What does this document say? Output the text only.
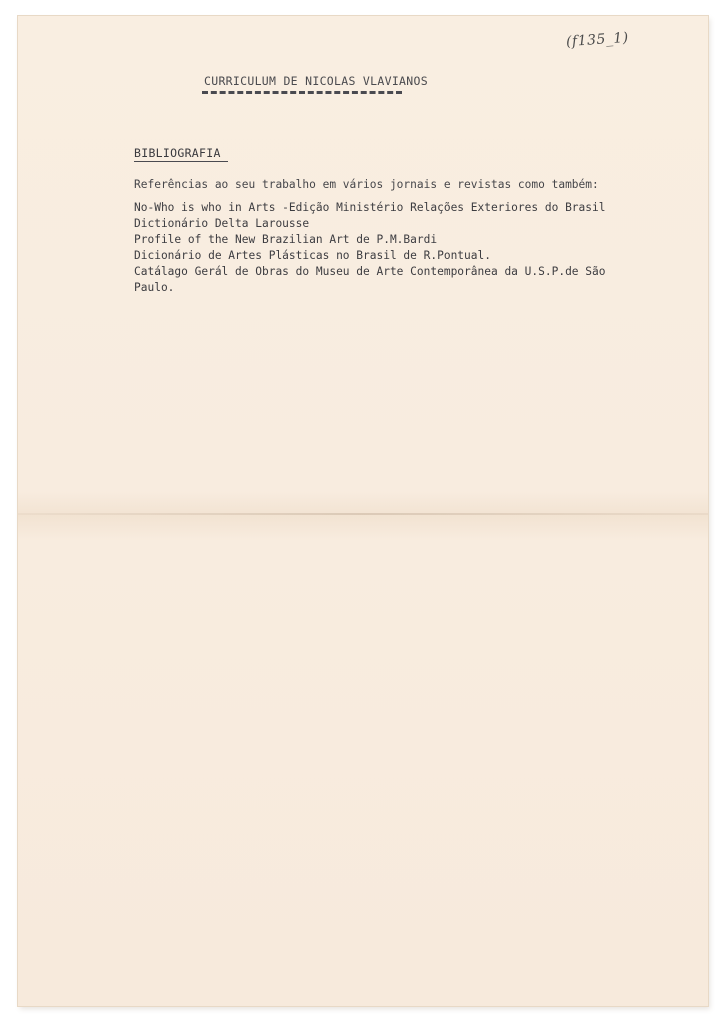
(f135_1)
CURRICULUM DE NICOLAS VLAVIANOS
BIBLIOGRAFIA
Referências ao seu trabalho em vários jornais e revistas como também:
No-Who is who in Arts -Edição Ministério Relações Exteriores do Brasil
Dictionário Delta Larousse
Profile of the New Brazilian Art de P.M.Bardi
Dicionário de Artes Plásticas no Brasil de R.Pontual.
Catálago Gerál de Obras do Museu de Arte Contemporânea da U.S.P.de São
Paulo.
